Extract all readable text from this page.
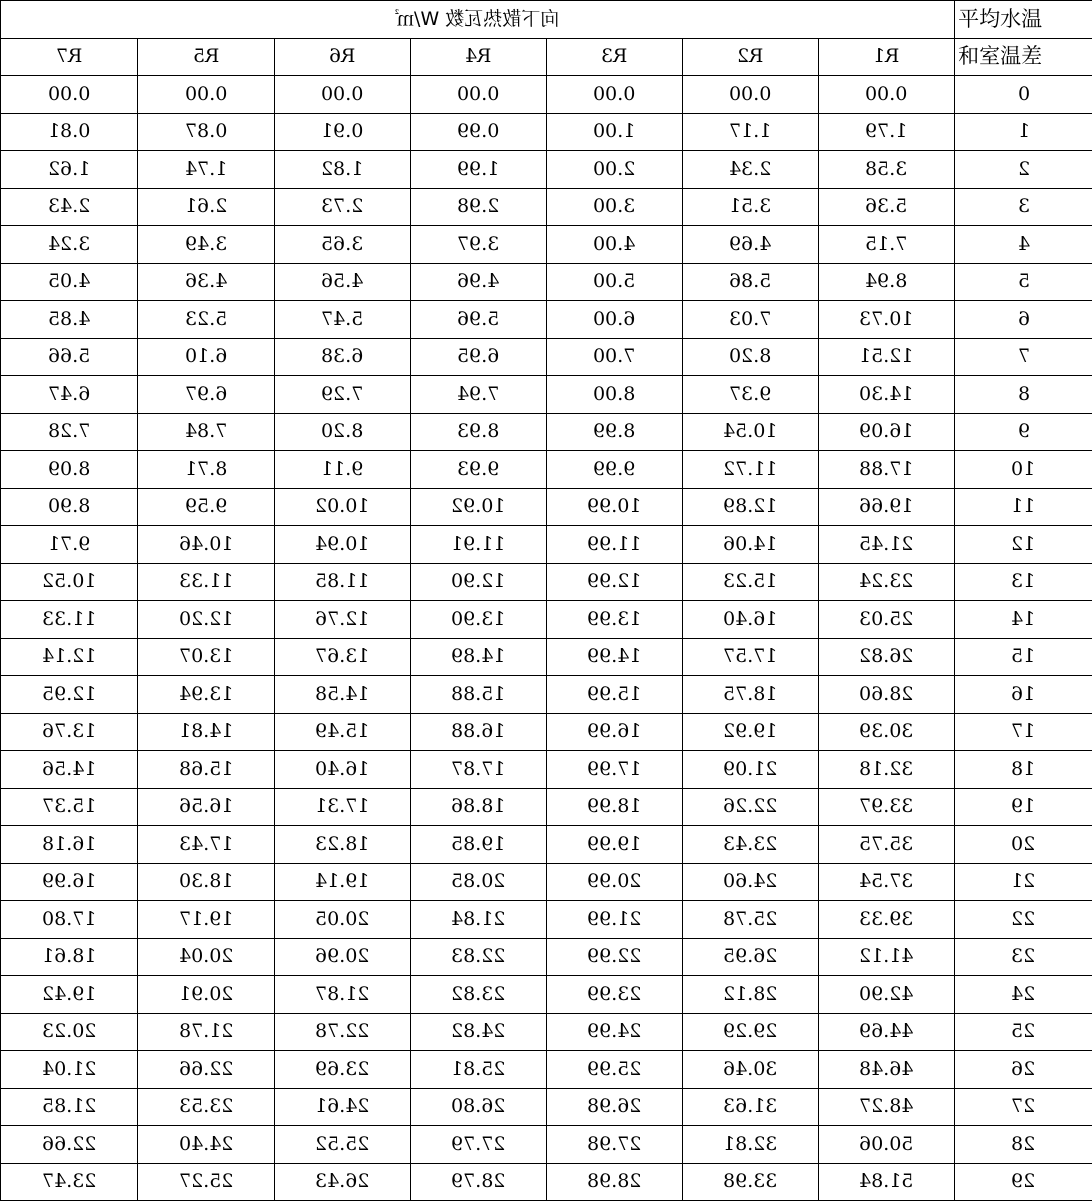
向下散热瓦数 W/㎡							平均水温
R7	R5	R6	R4	R3	R2	R1	和室温差
0.00	0.00	0.00	0.00	0.00	0.00	0.00	0
0.81	0.87	0.91	0.99	1.00	1.17	1.79	1
1.62	1.74	1.82	1.99	2.00	2.34	3.58	2
2.43	2.61	2.73	2.98	3.00	3.51	5.36	3
3.24	3.49	3.65	3.97	4.00	4.69	7.15	4
4.05	4.36	4.56	4.96	5.00	5.86	8.94	5
4.85	5.23	5.47	5.96	6.00	7.03	10.73	6
5.66	6.10	6.38	6.95	7.00	8.20	12.51	7
6.47	6.97	7.29	7.94	8.00	9.37	14.30	8
7.28	7.84	8.20	8.93	8.99	10.54	16.09	9
8.09	8.71	9.11	9.93	9.99	11.72	17.88	10
8.90	9.59	10.02	10.92	10.99	12.89	19.66	11
9.71	10.46	10.94	11.91	11.99	14.06	21.45	12
10.52	11.33	11.85	12.90	12.99	15.23	23.24	13
11.33	12.20	12.76	13.90	13.99	16.40	25.03	14
12.14	13.07	13.67	14.89	14.99	17.57	26.82	15
12.95	13.94	14.58	15.88	15.99	18.75	28.60	16
13.76	14.81	15.49	16.88	16.99	19.92	30.39	17
14.56	15.68	16.40	17.87	17.99	21.09	32.18	18
15.37	16.56	17.31	18.86	18.99	22.26	33.97	19
16.18	17.43	18.23	19.85	19.99	23.43	35.75	20
16.99	18.30	19.14	20.85	20.99	24.60	37.54	21
17.80	19.17	20.05	21.84	21.99	25.78	39.33	22
18.61	20.04	20.96	22.83	22.99	26.95	41.12	23
19.42	20.91	21.87	23.82	23.99	28.12	42.90	24
20.23	21.78	22.78	24.82	24.99	29.29	44.69	25
21.04	22.66	23.69	25.81	25.99	30.46	46.48	26
21.85	23.53	24.61	26.80	26.98	31.63	48.27	27
22.66	24.40	25.52	27.79	27.98	32.81	50.06	28
23.47	25.27	26.43	28.79	28.98	33.98	51.84	29
